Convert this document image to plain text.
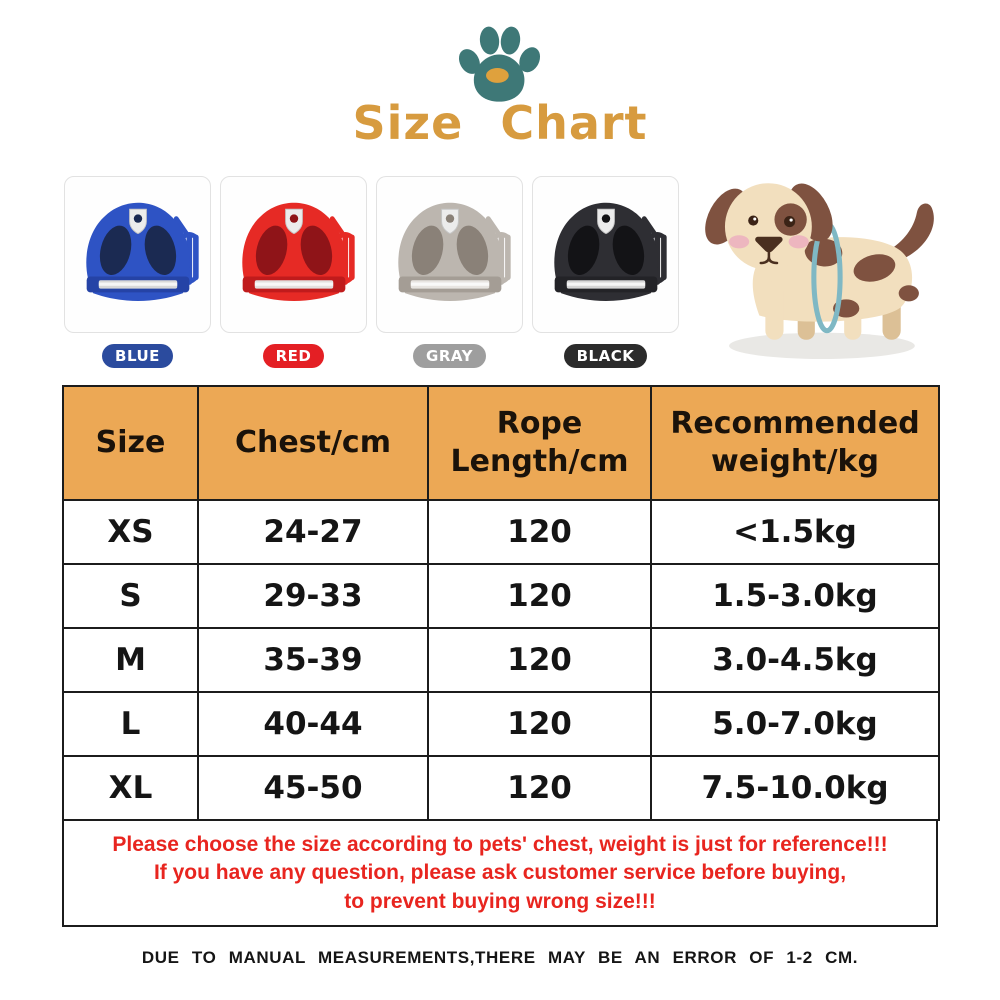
Size Chart
BLUE	RED	GRAY	BLACK
Size	Chest/cm	Rope Length/cm	Recommended weight/kg
XS	24-27	120	<1.5kg
S	29-33	120	1.5-3.0kg
M	35-39	120	3.0-4.5kg
L	40-44	120	5.0-7.0kg
XL	45-50	120	7.5-10.0kg
Please choose the size according to pets' chest, weight is just for reference!!!
If you have any question, please ask customer service before buying,
to prevent buying wrong size!!!
DUE TO MANUAL MEASUREMENTS,THERE MAY BE AN ERROR OF 1-2 CM.
